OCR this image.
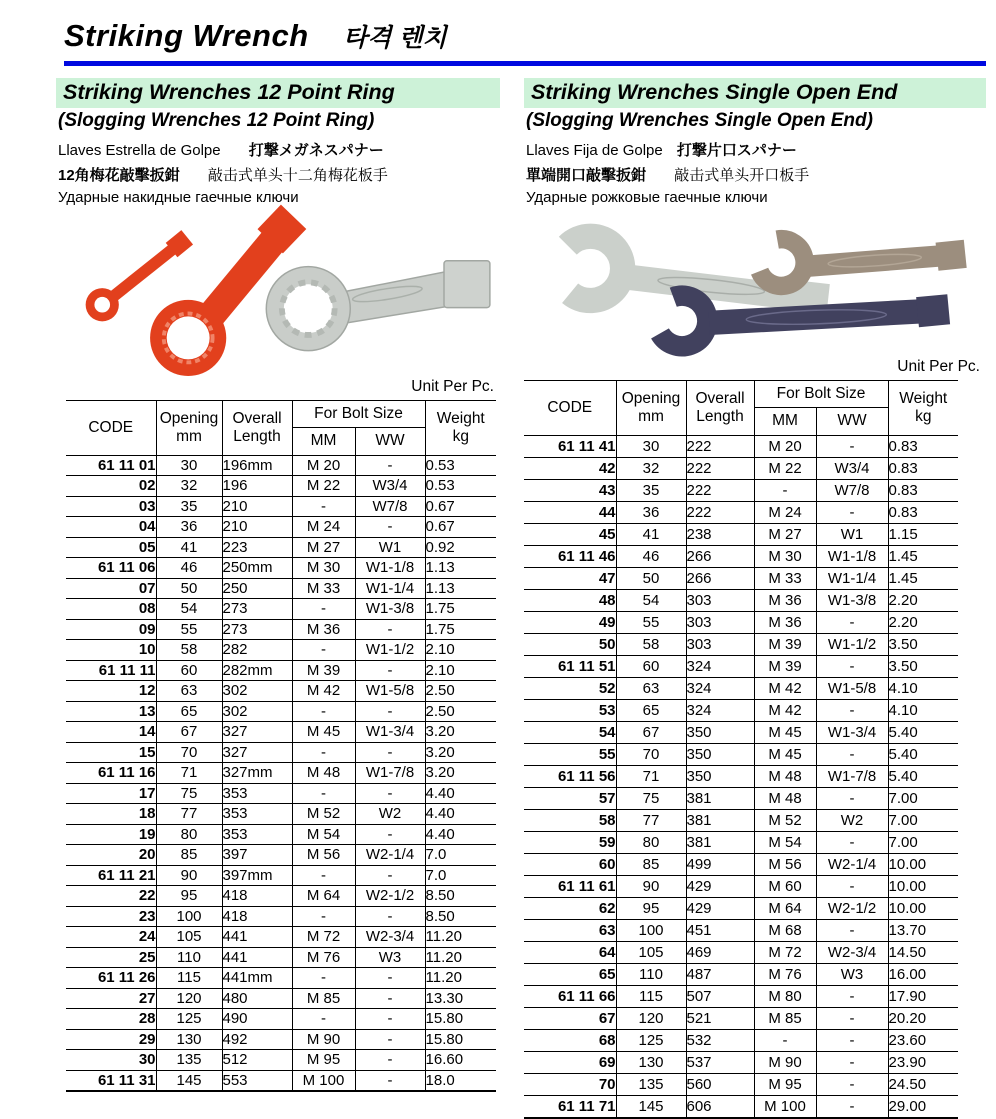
Striking Wrench 타격 렌치
Striking Wrenches 12 Point Ring
(Slogging Wrenches 12 Point Ring)
Llaves Estrella de Golpe 打撃メガネスパナー
12角梅花敲擊扳鉗 敲击式单头十二角梅花板手
Ударные накидные гаечные ключи
Unit Per Pc.
CODE	
Opening
mm

Overall
Length
	For Bolt Size	Weight
kg

			MM	WW	
61 11 01	30	196mm	M 20	-	0.53
02	32	196	M 22	W3/4	0.53
03	35	210	-	W7/8	0.67
04	36	210	M 24	-	0.67
05	41	223	M 27	W1	0.92
61 11 06	46	250mm	M 30	W1-1/8	1.13
07	50	250	M 33	W1-1/4	1.13
08	54	273	-	W1-3/8	1.75
09	55	273	M 36	-	1.75
10	58	282	-	W1-1/2	2.10
61 11 11	60	282mm	M 39	-	2.10
12	63	302	M 42	W1-5/8	2.50
13	65	302	-	-	2.50
14	67	327	M 45	W1-3/4	3.20
15	70	327	-	-	3.20
61 11 16	71	327mm	M 48	W1-7/8	3.20
17	75	353	-	-	4.40
18	77	353	M 52	W2	4.40
19	80	353	M 54	-	4.40
20	85	397	M 56	W2-1/4	7.0
61 11 21	90	397mm	-	-	7.0
22	95	418	M 64	W2-1/2	8.50
23	100	418	-	-	8.50
24	105	441	M 72	W2-3/4	11.20
25	110	441	M 76	W3	11.20
61 11 26	115	441mm	-	-	11.20
27	120	480	M 85	-	13.30
28	125	490	-	-	15.80
29	130	492	M 90	-	15.80
30	135	512	M 95	-	16.60
61 11 31	145	553	M 100	-	18.0
Striking Wrenches Single Open End
(Slogging Wrenches Single Open End)
Llaves Fija de Golpe 打撃片口スパナー
單端開口敲擊扳鉗 敲击式单头开口板手
Ударные рожковые гаечные ключи
Unit Per Pc.
CODE	
Opening
mm

Overall
Length
	For Bolt Size	Weight
kg

			MM	WW	
61 11 41	30	222	M 20	-	0.83
42	32	222	M 22	W3/4	0.83
43	35	222	-	W7/8	0.83
44	36	222	M 24	-	0.83
45	41	238	M 27	W1	1.15
61 11 46	46	266	M 30	W1-1/8	1.45
47	50	266	M 33	W1-1/4	1.45
48	54	303	M 36	W1-3/8	2.20
49	55	303	M 36	-	2.20
50	58	303	M 39	W1-1/2	3.50
61 11 51	60	324	M 39	-	3.50
52	63	324	M 42	W1-5/8	4.10
53	65	324	M 42	-	4.10
54	67	350	M 45	W1-3/4	5.40
55	70	350	M 45	-	5.40
61 11 56	71	350	M 48	W1-7/8	5.40
57	75	381	M 48	-	7.00
58	77	381	M 52	W2	7.00
59	80	381	M 54	-	7.00
60	85	499	M 56	W2-1/4	10.00
61 11 61	90	429	M 60	-	10.00
62	95	429	M 64	W2-1/2	10.00
63	100	451	M 68	-	13.70
64	105	469	M 72	W2-3/4	14.50
65	110	487	M 76	W3	16.00
61 11 66	115	507	M 80	-	17.90
67	120	521	M 85	-	20.20
68	125	532	-	-	23.60
69	130	537	M 90	-	23.90
70	135	560	M 95	-	24.50
61 11 71	145	606	M 100	-	29.00
